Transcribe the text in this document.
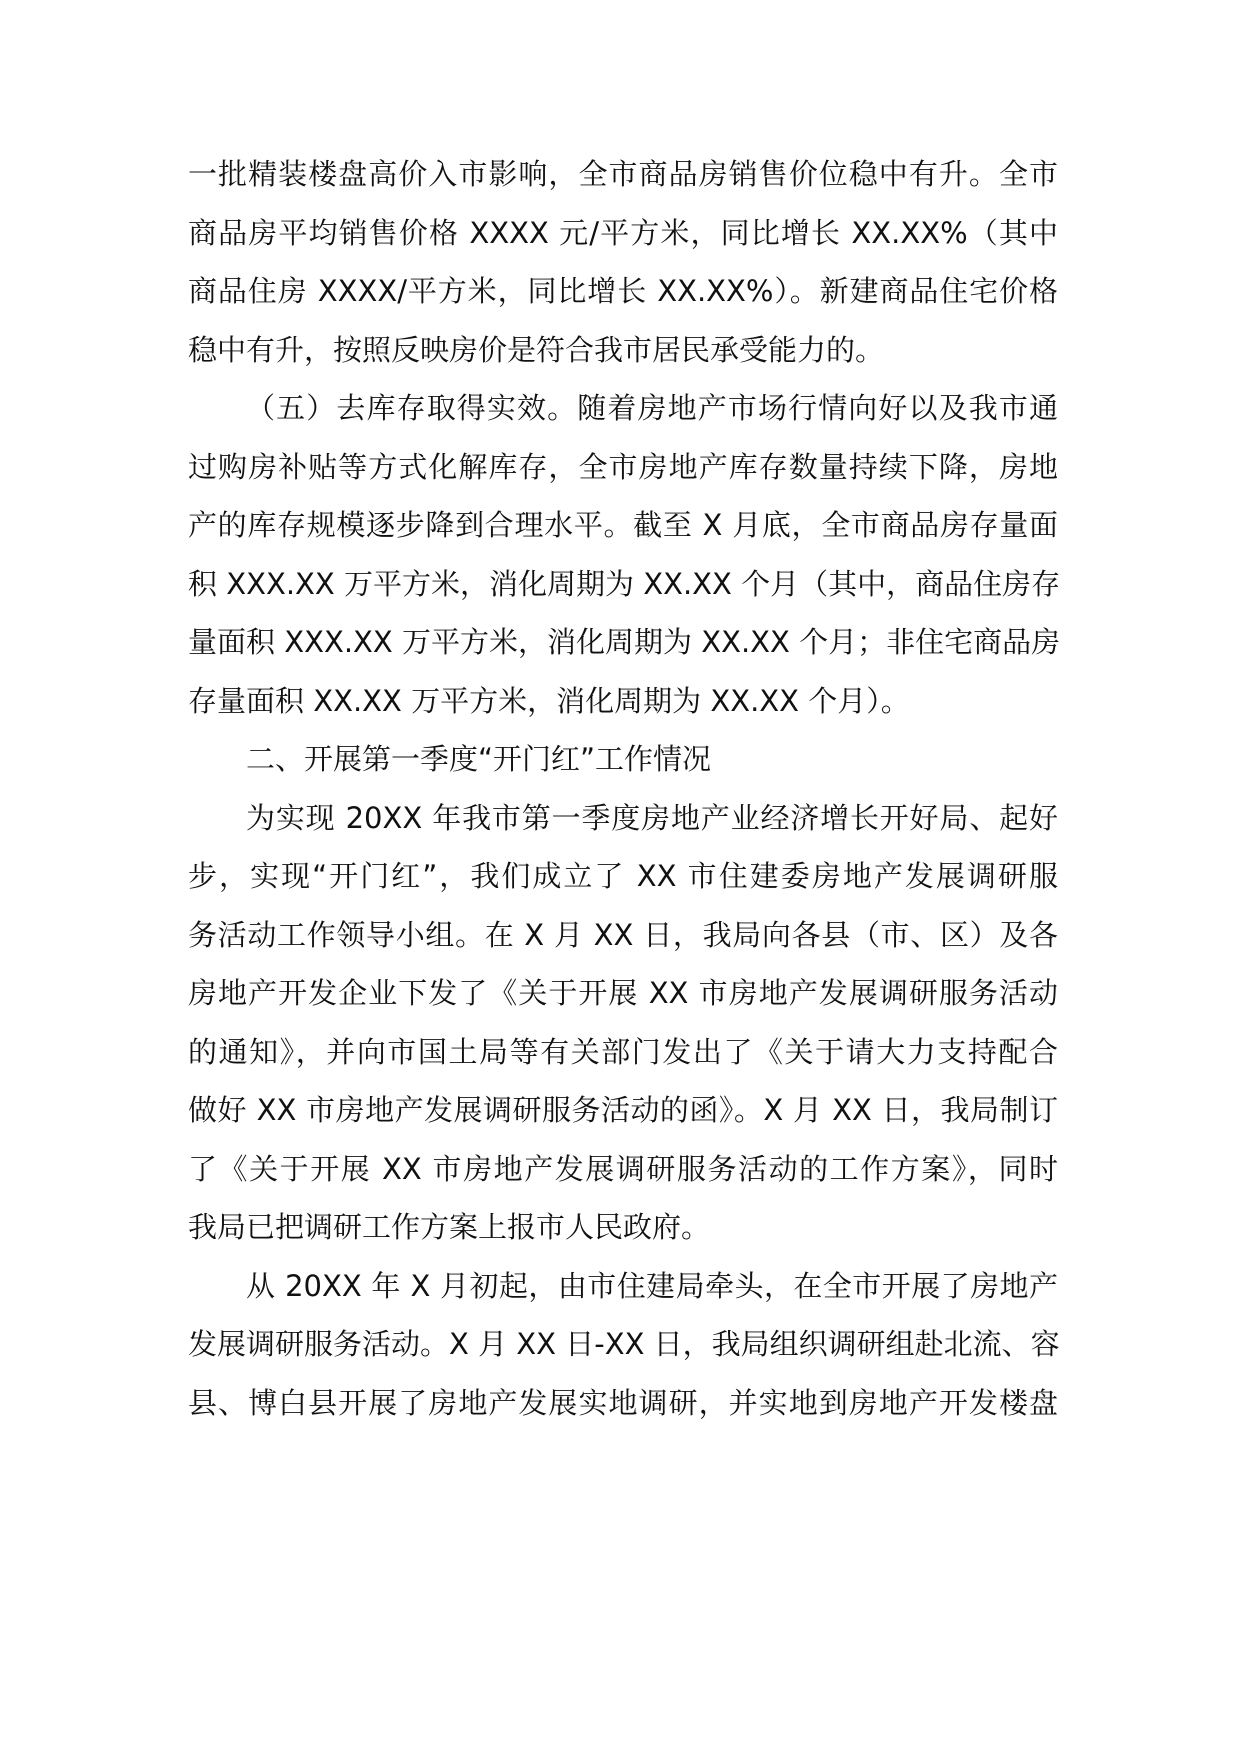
一批精装楼盘高价入市影响，全市商品房销售价位稳中有升。全市
商品房平均销售价格 XXXX 元/平方米，同比增长 XX.XX%（其中
商品住房 XXXX/平方米，同比增长 XX.XX%）。新建商品住宅价格
稳中有升，按照反映房价是符合我市居民承受能力的。
（五）去库存取得实效。随着房地产市场行情向好以及我市通
过购房补贴等方式化解库存，全市房地产库存数量持续下降，房地
产的库存规模逐步降到合理水平。截至 X 月底，全市商品房存量面
积 XXX.XX 万平方米，消化周期为 XX.XX 个月（其中，商品住房存
量面积 XXX.XX 万平方米，消化周期为 XX.XX 个月；非住宅商品房
存量面积 XX.XX 万平方米，消化周期为 XX.XX 个月）。
二、开展第一季度“开门红”工作情况
为实现 20XX 年我市第一季度房地产业经济增长开好局、起好
步，实现“开门红”，我们成立了 XX 市住建委房地产发展调研服
务活动工作领导小组。在 X 月 XX 日，我局向各县（市、区）及各
房地产开发企业下发了《关于开展 XX 市房地产发展调研服务活动
的通知》，并向市国土局等有关部门发出了《关于请大力支持配合
做好 XX 市房地产发展调研服务活动的函》。X 月 XX 日，我局制订
了《关于开展 XX 市房地产发展调研服务活动的工作方案》，同时
我局已把调研工作方案上报市人民政府。
从 20XX 年 X 月初起，由市住建局牵头，在全市开展了房地产
发展调研服务活动。X 月 XX 日-XX 日，我局组织调研组赴北流、容
县、博白县开展了房地产发展实地调研，并实地到房地产开发楼盘
